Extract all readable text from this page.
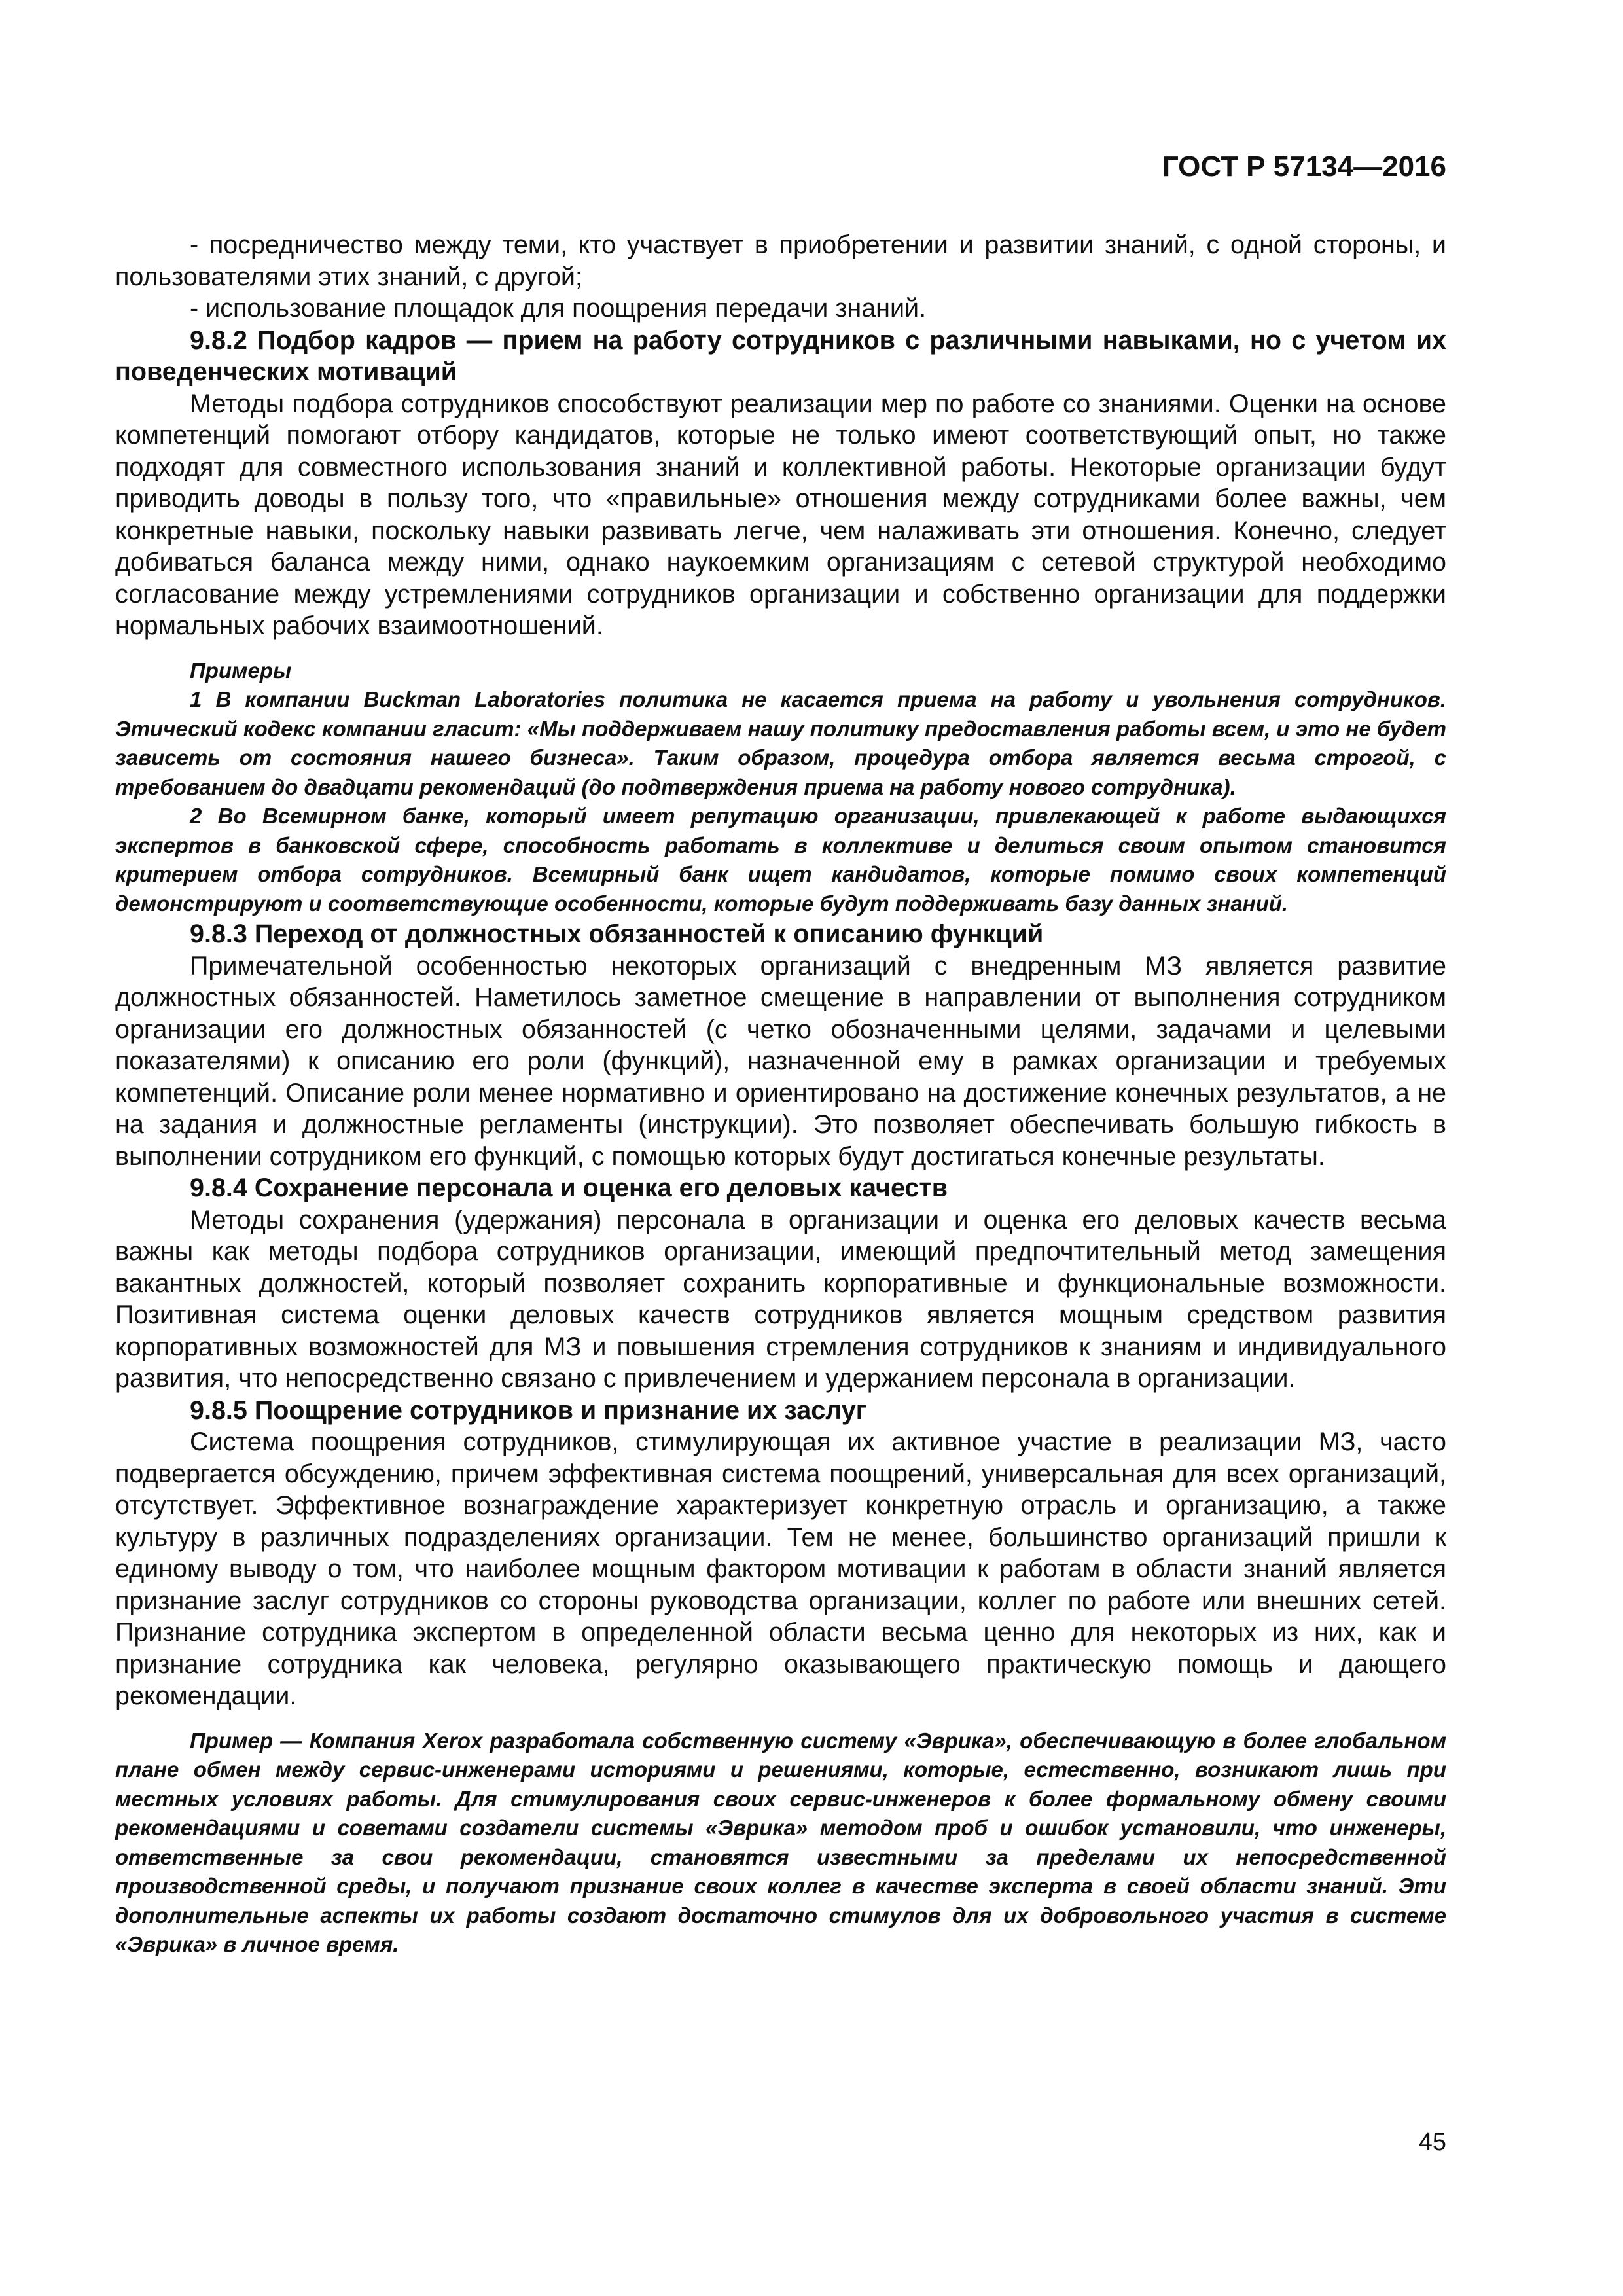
ГОСТ Р 57134—2016

- посредничество между теми, кто участвует в приобретении и развитии знаний, с одной стороны, и пользователями этих знаний, с другой;

- использование площадок для поощрения передачи знаний.

9.8.2 Подбор кадров — прием на работу сотрудников с различными навыками, но с учетом их поведенческих мотиваций

Методы подбора сотрудников способствуют реализации мер по работе со знаниями. Оценки на основе компетенций помогают отбору кандидатов, которые не только имеют соответствующий опыт, но также подходят для совместного использования знаний и коллективной работы. Некоторые организации будут приводить доводы в пользу того, что «правильные» отношения между сотрудниками более важны, чем конкретные навыки, поскольку навыки развивать легче, чем налаживать эти отношения. Конечно, следует добиваться баланса между ними, однако наукоемким организациям с сетевой структурой необходимо согласование между устремлениями сотрудников организации и собственно организации для поддержки нормальных рабочих взаимоотношений.

Примеры

1 В компании Buckman Laboratories политика не касается приема на работу и увольнения сотрудников. Этический кодекс компании гласит: «Мы поддерживаем нашу политику предоставления работы всем, и это не будет зависеть от состояния нашего бизнеса». Таким образом, процедура отбора является весьма строгой, с требованием до двадцати рекомендаций (до подтверждения приема на работу нового сотрудника).

2 Во Всемирном банке, который имеет репутацию организации, привлекающей к работе выдающихся экспертов в банковской сфере, способность работать в коллективе и делиться своим опытом становится критерием отбора сотрудников. Всемирный банк ищет кандидатов, которые помимо своих компетенций демонстрируют и соответствующие особенности, которые будут поддерживать базу данных знаний.

9.8.3 Переход от должностных обязанностей к описанию функций

Примечательной особенностью некоторых организаций с внедренным МЗ является развитие должностных обязанностей. Наметилось заметное смещение в направлении от выполнения сотрудником организации его должностных обязанностей (с четко обозначенными целями, задачами и целевыми показателями) к описанию его роли (функций), назначенной ему в рамках организации и требуемых компетенций. Описание роли менее нормативно и ориентировано на достижение конечных результатов, а не на задания и должностные регламенты (инструкции). Это позволяет обеспечивать большую гибкость в выполнении сотрудником его функций, с помощью которых будут достигаться конечные результаты.

9.8.4 Сохранение персонала и оценка его деловых качеств

Методы сохранения (удержания) персонала в организации и оценка его деловых качеств весьма важны как методы подбора сотрудников организации, имеющий предпочтительный метод замещения вакантных должностей, который позволяет сохранить корпоративные и функциональные возможности. Позитивная система оценки деловых качеств сотрудников является мощным средством развития корпоративных возможностей для МЗ и повышения стремления сотрудников к знаниям и индивидуального развития, что непосредственно связано с привлечением и удержанием персонала в организации.

9.8.5 Поощрение сотрудников и признание их заслуг

Система поощрения сотрудников, стимулирующая их активное участие в реализации МЗ, часто подвергается обсуждению, причем эффективная система поощрений, универсальная для всех организаций, отсутствует. Эффективное вознаграждение характеризует конкретную отрасль и организацию, а также культуру в различных подразделениях организации. Тем не менее, большинство организаций пришли к единому выводу о том, что наиболее мощным фактором мотивации к работам в области знаний является признание заслуг сотрудников со стороны руководства организации, коллег по работе или внешних сетей. Признание сотрудника экспертом в определенной области весьма ценно для некоторых из них, как и признание сотрудника как человека, регулярно оказывающего практическую помощь и дающего рекомендации.

Пример — Компания Xerox разработала собственную систему «Эврика», обеспечивающую в более глобальном плане обмен между сервис-инженерами историями и решениями, которые, естественно, возникают лишь при местных условиях работы. Для стимулирования своих сервис-инженеров к более формальному обмену своими рекомендациями и советами создатели системы «Эврика» методом проб и ошибок установили, что инженеры, ответственные за свои рекомендации, становятся известными за пределами их непосредственной производственной среды, и получают признание своих коллег в качестве эксперта в своей области знаний. Эти дополнительные аспекты их работы создают достаточно стимулов для их добровольного участия в системе «Эврика» в личное время.

45
